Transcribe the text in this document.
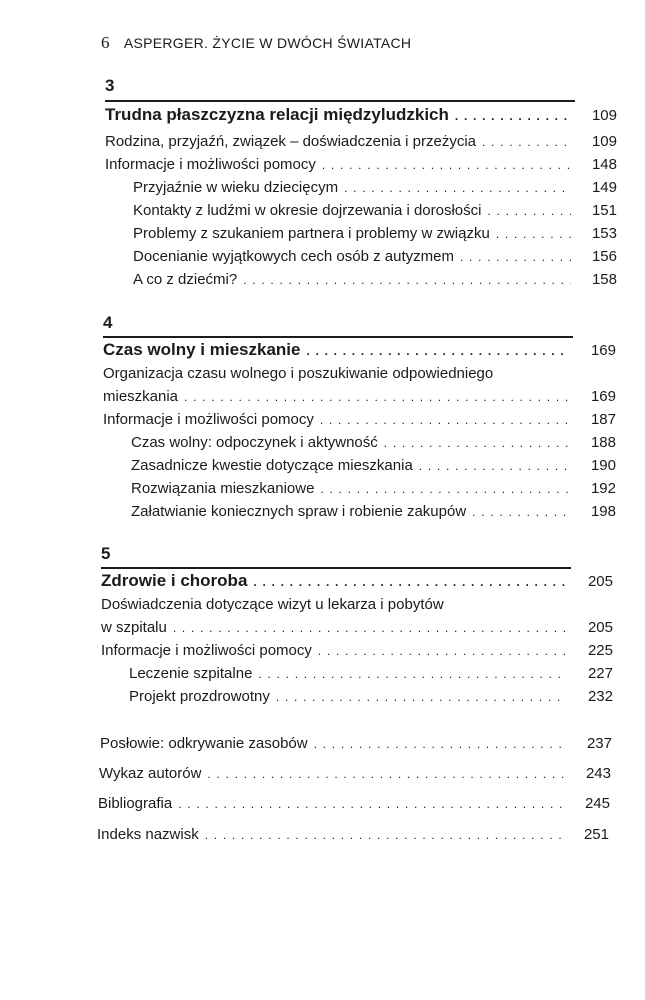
6 ASPERGER. ŻYCIE W DWÓCH ŚWIATACH
3
Trudna płaszczyzna relacji międzyludzkich . . .	109
Rodzina, przyjaźń, związek – doświadczenia i przeżycia . . .	109
Informacje i możliwości pomocy . . .	148
Przyjaźnie w wieku dziecięcym . . .	149
Kontakty z ludźmi w okresie dojrzewania i dorosłości . . .	151
Problemy z szukaniem partnera i problemy w związku . . .	153
Docenianie wyjątkowych cech osób z autyzmem . . .	156
A co z dziećmi? . . .	158
4
Czas wolny i mieszkanie . . .	169
Organizacja czasu wolnego i poszukiwanie odpowiedniego
mieszkania . . .	169
Informacje i możliwości pomocy . . .	187
Czas wolny: odpoczynek i aktywność . . .	188
Zasadnicze kwestie dotyczące mieszkania . . .	190
Rozwiązania mieszkaniowe . . .	192
Załatwianie koniecznych spraw i robienie zakupów . . .	198
5
Zdrowie i choroba . . .	205
Doświadczenia dotyczące wizyt u lekarza i pobytów
w szpitalu . . .	205
Informacje i możliwości pomocy . . .	225
Leczenie szpitalne . . .	227
Projekt prozdrowotny . . .	232
Posłowie: odkrywanie zasobów . . .	237
Wykaz autorów . . .	243
Bibliografia . . .	245
Indeks nazwisk . . .	251
